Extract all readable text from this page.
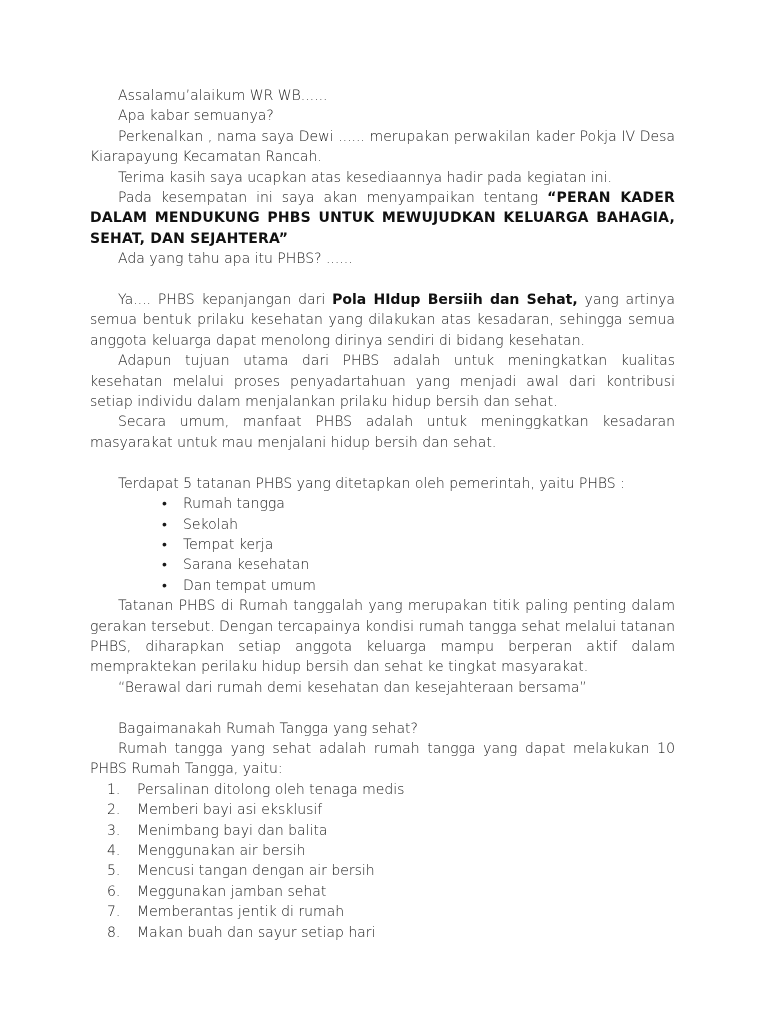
Assalamu’alaikum WR WB......

Apa kabar semuanya?

Perkenalkan , nama saya Dewi ...... merupakan perwakilan kader Pokja IV Desa Kiarapayung Kecamatan Rancah.

Terima kasih saya ucapkan atas kesediaannya hadir pada kegiatan ini.

Pada kesempatan ini saya akan menyampaikan tentang “PERAN KADER DALAM MENDUKUNG PHBS UNTUK MEWUJUDKAN KELUARGA BAHAGIA, SEHAT, DAN SEJAHTERA”

Ada yang tahu apa itu PHBS? ......

Ya.... PHBS kepanjangan dari Pola HIdup Bersiih dan Sehat, yang artinya semua bentuk prilaku kesehatan yang dilakukan atas kesadaran, sehingga semua anggota keluarga dapat menolong dirinya sendiri di bidang kesehatan.

Adapun tujuan utama dari PHBS adalah untuk meningkatkan kualitas kesehatan melalui proses penyadartahuan yang menjadi awal dari kontribusi setiap individu dalam menjalankan prilaku hidup bersih dan sehat.

Secara umum, manfaat PHBS adalah untuk meninggkatkan kesadaran masyarakat untuk mau menjalani hidup bersih dan sehat.

Terdapat 5 tatanan PHBS yang ditetapkan oleh pemerintah, yaitu PHBS :

• Rumah tangga
• Sekolah
• Tempat kerja
• Sarana kesehatan
• Dan tempat umum

Tatanan PHBS di Rumah tanggalah yang merupakan titik paling penting dalam gerakan tersebut. Dengan tercapainya kondisi rumah tangga sehat melalui tatanan PHBS, diharapkan setiap anggota keluarga mampu berperan aktif dalam mempraktekan perilaku hidup bersih dan sehat ke tingkat masyarakat.

“Berawal dari rumah demi kesehatan dan kesejahteraan bersama”

Bagaimanakah Rumah Tangga yang sehat?

Rumah tangga yang sehat adalah rumah tangga yang dapat melakukan 10 PHBS Rumah Tangga, yaitu:

1. Persalinan ditolong oleh tenaga medis
2. Memberi bayi asi eksklusif
3. Menimbang bayi dan balita
4. Menggunakan air bersih
5. Mencusi tangan dengan air bersih
6. Meggunakan jamban sehat
7. Memberantas jentik di rumah
8. Makan buah dan sayur setiap hari
